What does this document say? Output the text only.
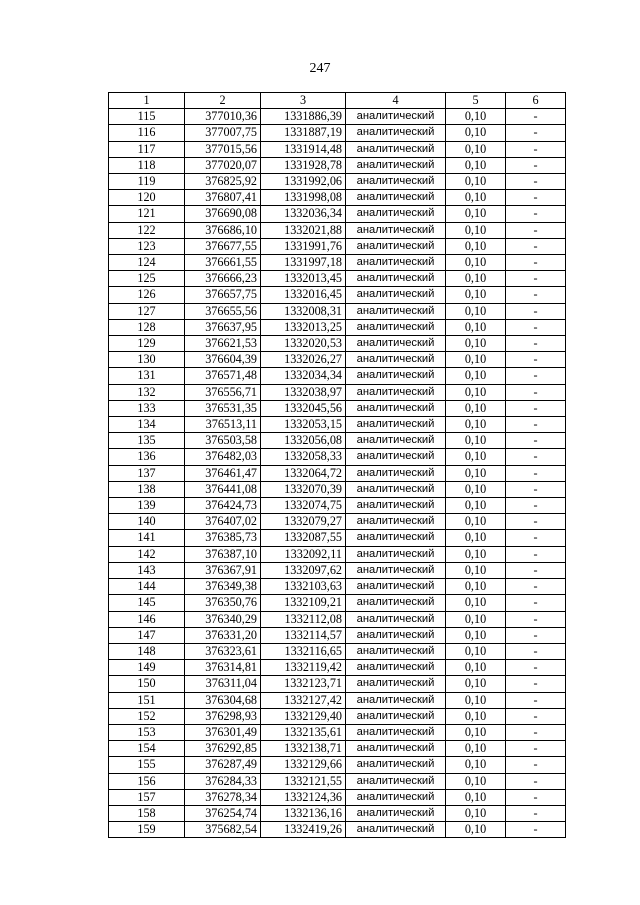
247
1	2	3	4	5	6
115	377010,36	1331886,39	аналитический	0,10	-
116	377007,75	1331887,19	аналитический	0,10	-
117	377015,56	1331914,48	аналитический	0,10	-
118	377020,07	1331928,78	аналитический	0,10	-
119	376825,92	1331992,06	аналитический	0,10	-
120	376807,41	1331998,08	аналитический	0,10	-
121	376690,08	1332036,34	аналитический	0,10	-
122	376686,10	1332021,88	аналитический	0,10	-
123	376677,55	1331991,76	аналитический	0,10	-
124	376661,55	1331997,18	аналитический	0,10	-
125	376666,23	1332013,45	аналитический	0,10	-
126	376657,75	1332016,45	аналитический	0,10	-
127	376655,56	1332008,31	аналитический	0,10	-
128	376637,95	1332013,25	аналитический	0,10	-
129	376621,53	1332020,53	аналитический	0,10	-
130	376604,39	1332026,27	аналитический	0,10	-
131	376571,48	1332034,34	аналитический	0,10	-
132	376556,71	1332038,97	аналитический	0,10	-
133	376531,35	1332045,56	аналитический	0,10	-
134	376513,11	1332053,15	аналитический	0,10	-
135	376503,58	1332056,08	аналитический	0,10	-
136	376482,03	1332058,33	аналитический	0,10	-
137	376461,47	1332064,72	аналитический	0,10	-
138	376441,08	1332070,39	аналитический	0,10	-
139	376424,73	1332074,75	аналитический	0,10	-
140	376407,02	1332079,27	аналитический	0,10	-
141	376385,73	1332087,55	аналитический	0,10	-
142	376387,10	1332092,11	аналитический	0,10	-
143	376367,91	1332097,62	аналитический	0,10	-
144	376349,38	1332103,63	аналитический	0,10	-
145	376350,76	1332109,21	аналитический	0,10	-
146	376340,29	1332112,08	аналитический	0,10	-
147	376331,20	1332114,57	аналитический	0,10	-
148	376323,61	1332116,65	аналитический	0,10	-
149	376314,81	1332119,42	аналитический	0,10	-
150	376311,04	1332123,71	аналитический	0,10	-
151	376304,68	1332127,42	аналитический	0,10	-
152	376298,93	1332129,40	аналитический	0,10	-
153	376301,49	1332135,61	аналитический	0,10	-
154	376292,85	1332138,71	аналитический	0,10	-
155	376287,49	1332129,66	аналитический	0,10	-
156	376284,33	1332121,55	аналитический	0,10	-
157	376278,34	1332124,36	аналитический	0,10	-
158	376254,74	1332136,16	аналитический	0,10	-
159	375682,54	1332419,26	аналитический	0,10	-
